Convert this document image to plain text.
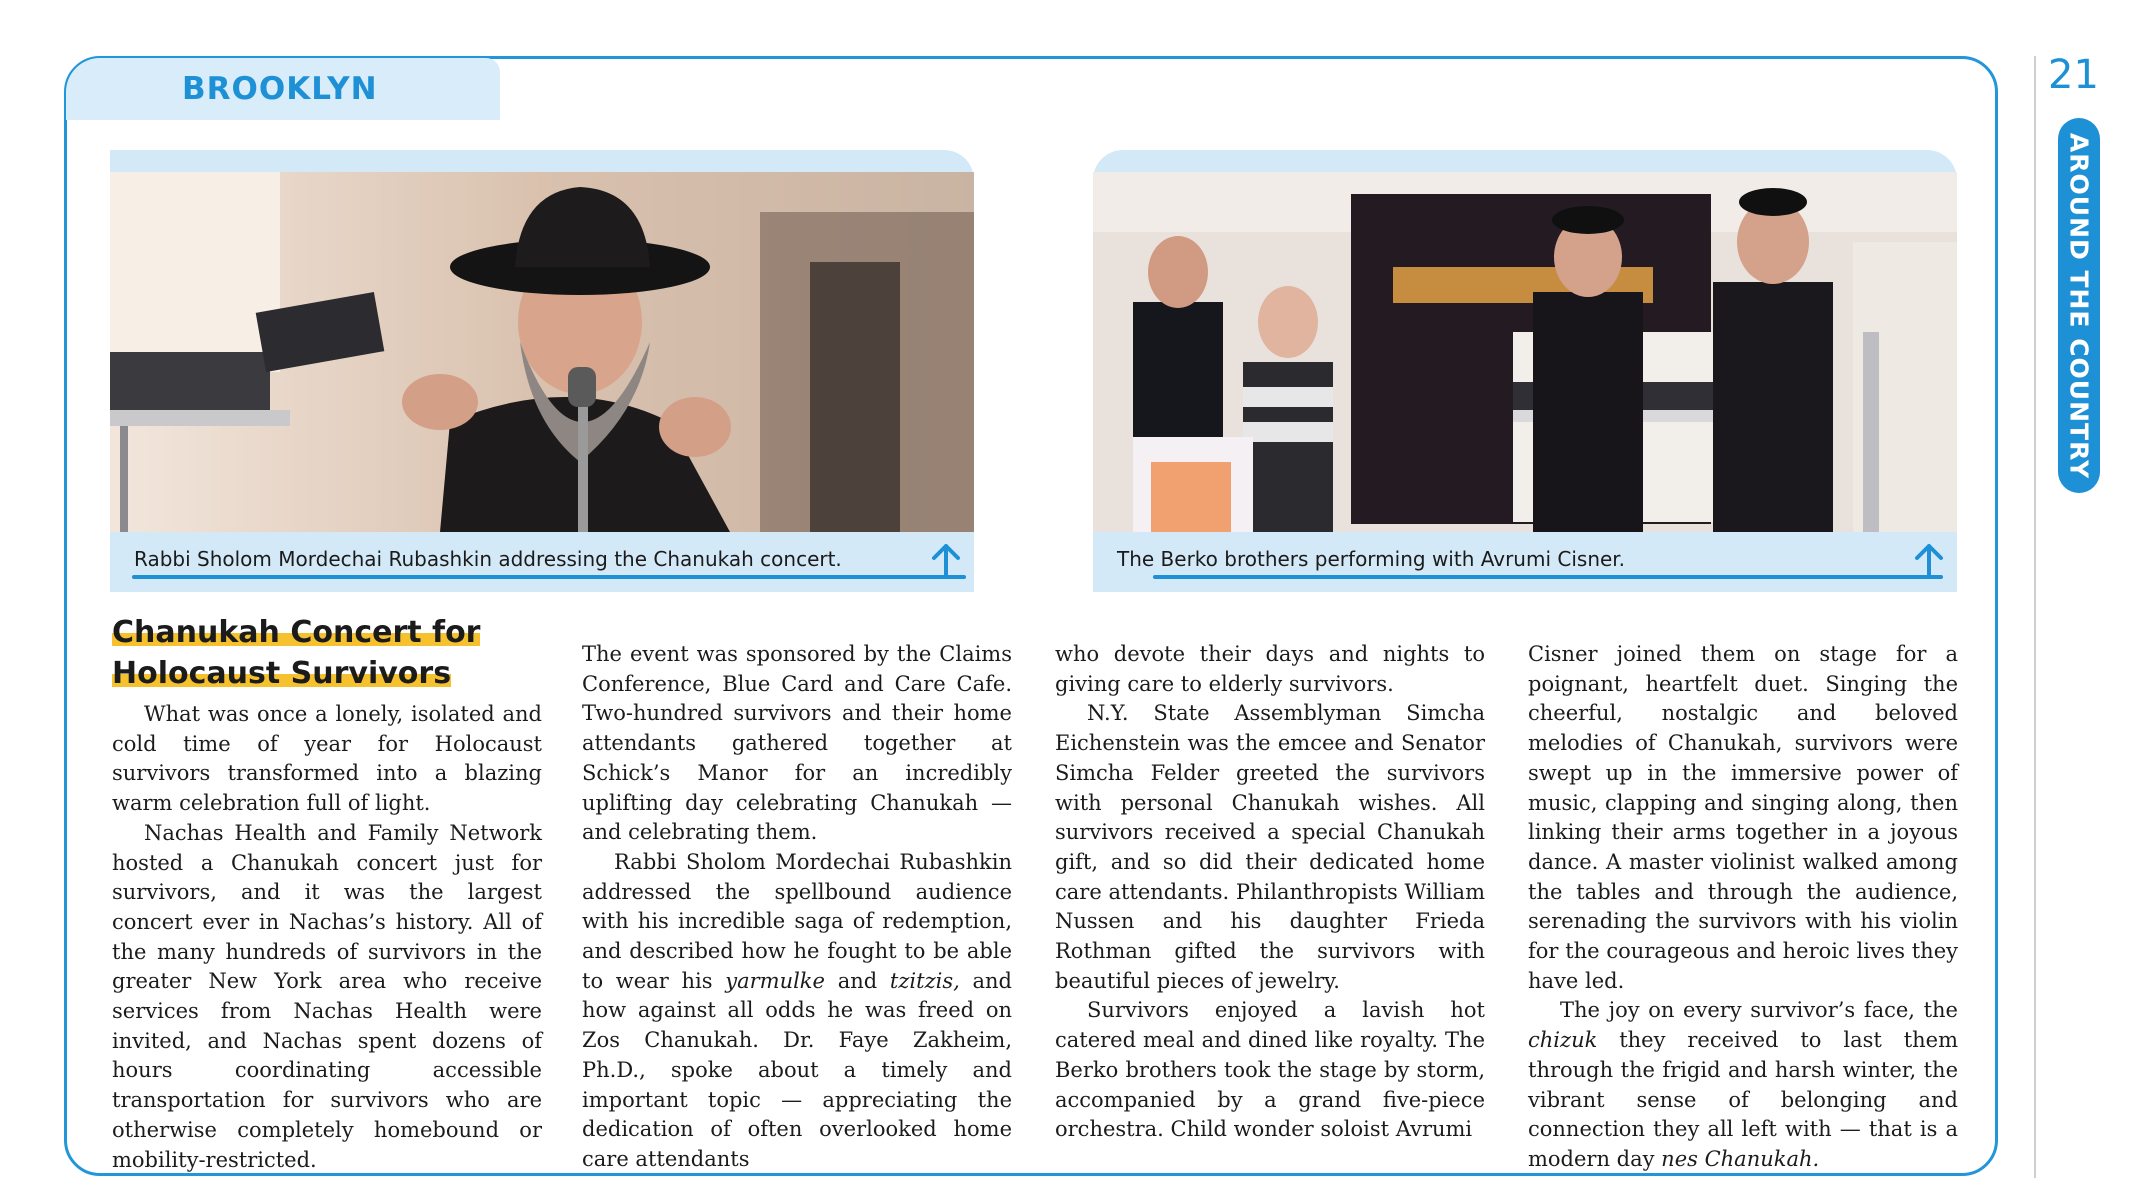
BROOKLYN	21
AROUND THE COUNTRY
Rabbi Sholom Mordechai Rubashkin addressing the Chanukah concert.	The Berko brothers performing with Avrumi Cisner.
Chanukah Concert for
Holocaust Survivors

What was once a lonely, isolated and cold time of year for Holocaust survivors transformed into a blazing warm celebration full of light.

Nachas Health and Family Network hosted a Chanukah concert just for survivors, and it was the largest concert ever in Nachas’s history. All of the many hundreds of survivors in the greater New York area who receive services from Nachas Health were invited, and Nachas spent dozens of hours coordinating accessible transportation for survivors who are otherwise completely homebound or mobility-restricted.

The event was sponsored by the Claims Conference, Blue Card and Care Cafe. Two-hundred survivors and their home attendants gathered together at Schick’s Manor for an incredibly uplifting day celebrating Chanukah — and celebrating them.

Rabbi Sholom Mordechai Rubashkin addressed the spellbound audience with his incredible saga of redemption, and described how he fought to be able to wear his yarmulke and tzitzis, and how against all odds he was freed on Zos Chanukah. Dr. Faye Zakheim, Ph.D., spoke about a timely and important topic — appreciating the dedication of often overlooked home care attendants

who devote their days and nights to giving care to elderly survivors.

N.Y. State Assemblyman Simcha Eichenstein was the emcee and Senator Simcha Felder greeted the survivors with personal Chanukah wishes. All survivors received a special Chanukah gift, and so did their dedicated home care attendants. Philanthropists William Nussen and his daughter Frieda Rothman gifted the survivors with beautiful pieces of jewelry.

Survivors enjoyed a lavish hot catered meal and dined like royalty. The Berko brothers took the stage by storm, accompanied by a grand five-piece orchestra. Child wonder soloist Avrumi

Cisner joined them on stage for a poignant, heartfelt duet. Singing the cheerful, nostalgic and beloved melodies of Chanukah, survivors were swept up in the immersive power of music, clapping and singing along, then linking their arms together in a joyous dance. A master violinist walked among the tables and through the audience, serenading the survivors with his violin for the courageous and heroic lives they have led.

The joy on every survivor’s face, the chizuk they received to last them through the frigid and harsh winter, the vibrant sense of belonging and connection they all left with — that is a modern day nes Chanukah.
